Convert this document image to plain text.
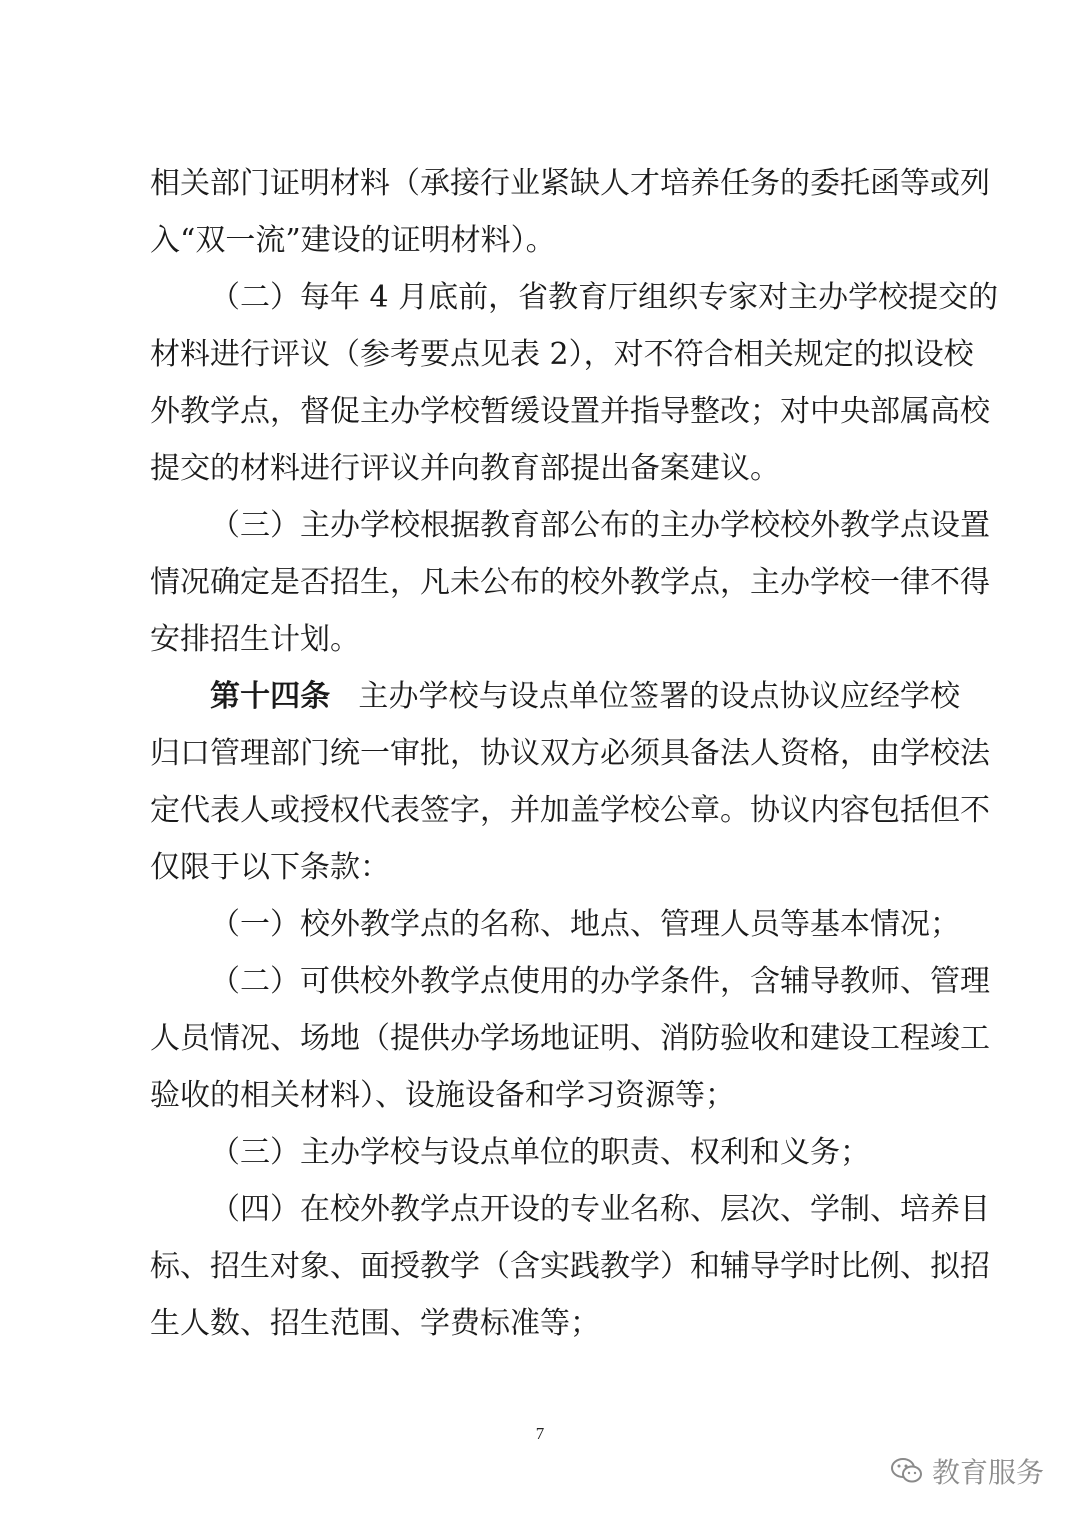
相关部门证明材料（承接行业紧缺人才培养任务的委托函等或列
入“双一流”建设的证明材料）。
（二）每年 4 月底前，省教育厅组织专家对主办学校提交的
材料进行评议（参考要点见表 2），对不符合相关规定的拟设校
外教学点，督促主办学校暂缓设置并指导整改；对中央部属高校
提交的材料进行评议并向教育部提出备案建议。
（三）主办学校根据教育部公布的主办学校校外教学点设置
情况确定是否招生，凡未公布的校外教学点，主办学校一律不得
安排招生计划。
第十四条 主办学校与设点单位签署的设点协议应经学校
归口管理部门统一审批，协议双方必须具备法人资格，由学校法
定代表人或授权代表签字，并加盖学校公章。协议内容包括但不
仅限于以下条款：
（一）校外教学点的名称、地点、管理人员等基本情况；
（二）可供校外教学点使用的办学条件，含辅导教师、管理
人员情况、场地（提供办学场地证明、消防验收和建设工程竣工
验收的相关材料）、设施设备和学习资源等；
（三）主办学校与设点单位的职责、权利和义务；
（四）在校外教学点开设的专业名称、层次、学制、培养目
标、招生对象、面授教学（含实践教学）和辅导学时比例、拟招
生人数、招生范围、学费标准等；
7
教育服务
